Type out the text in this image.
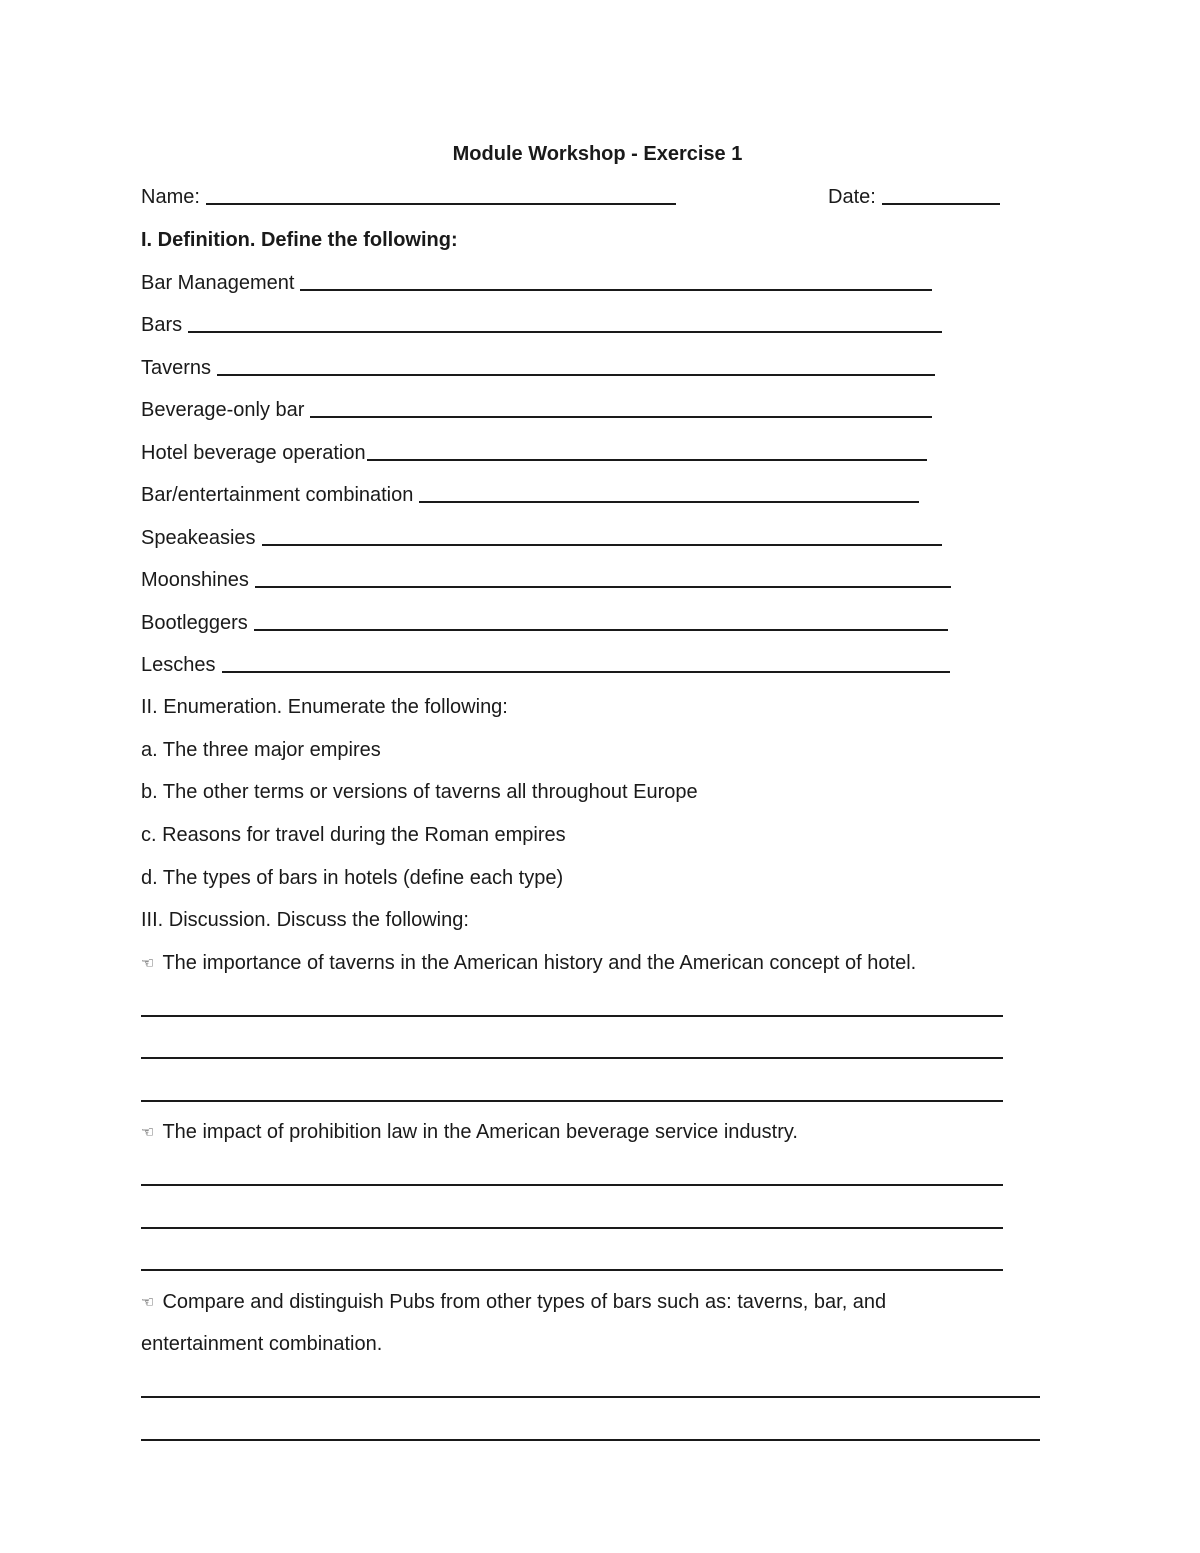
Module Workshop - Exercise 1
Name:	Date:
I. Definition. Define the following:
Bar Management
Bars
Taverns
Beverage-only bar
Hotel beverage operation
Bar/entertainment combination
Speakeasies
Moonshines
Bootleggers
Lesches
II. Enumeration. Enumerate the following:
a. The three major empires
b. The other terms or versions of taverns all throughout Europe
c. Reasons for travel during the Roman empires
d. The types of bars in hotels (define each type)
III. Discussion. Discuss the following:
☜ The importance of taverns in the American history and the American concept of hotel.
☜ The impact of prohibition law in the American beverage service industry.
☜ Compare and distinguish Pubs from other types of bars such as: taverns, bar, and
entertainment combination.
